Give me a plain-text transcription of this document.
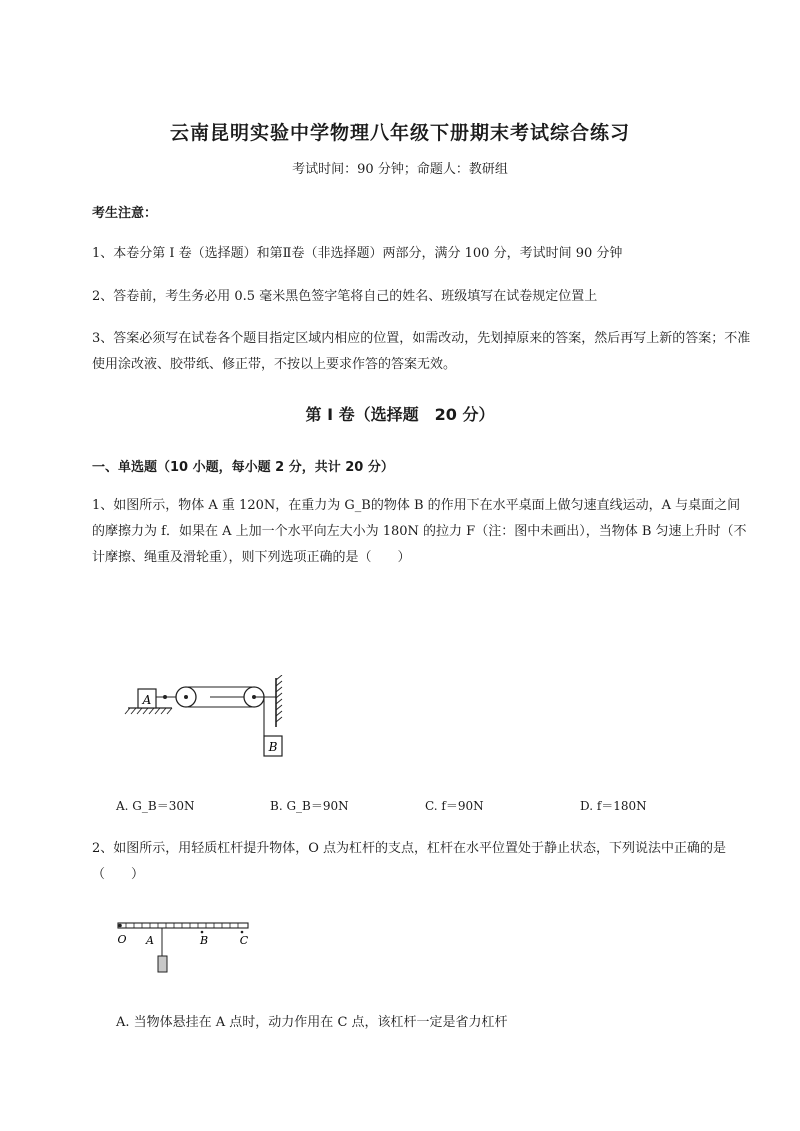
云南昆明实验中学物理八年级下册期末考试综合练习
考试时间：90 分钟；命题人：教研组
考生注意：
1、本卷分第 I 卷（选择题）和第Ⅱ卷（非选择题）两部分，满分 100 分，考试时间 90 分钟
2、答卷前，考生务必用 0.5 毫米黑色签字笔将自己的姓名、班级填写在试卷规定位置上
3、答案必须写在试卷各个题目指定区域内相应的位置，如需改动，先划掉原来的答案，然后再写上新的答案；不准使用涂改液、胶带纸、修正带，不按以上要求作答的答案无效。
第 I 卷（选择题　20 分）
一、单选题（10 小题，每小题 2 分，共计 20 分）
1、如图所示，物体 A 重 120N，在重力为 G_B的物体 B 的作用下在水平桌面上做匀速直线运动，A 与桌面之间的摩擦力为 f．如果在 A 上加一个水平向左大小为 180N 的拉力 F（注：图中未画出），当物体 B 匀速上升时（不计摩擦、绳重及滑轮重），则下列选项正确的是（　　）
A
B
A. G_B＝30N	B. G_B＝90N	C. f＝90N	D. f＝180N
2、如图所示，用轻质杠杆提升物体，O 点为杠杆的支点，杠杆在水平位置处于静止状态，下列说法中正确的是（　　）
O A	B	C
A. 当物体悬挂在 A 点时，动力作用在 C 点，该杠杆一定是省力杠杆
